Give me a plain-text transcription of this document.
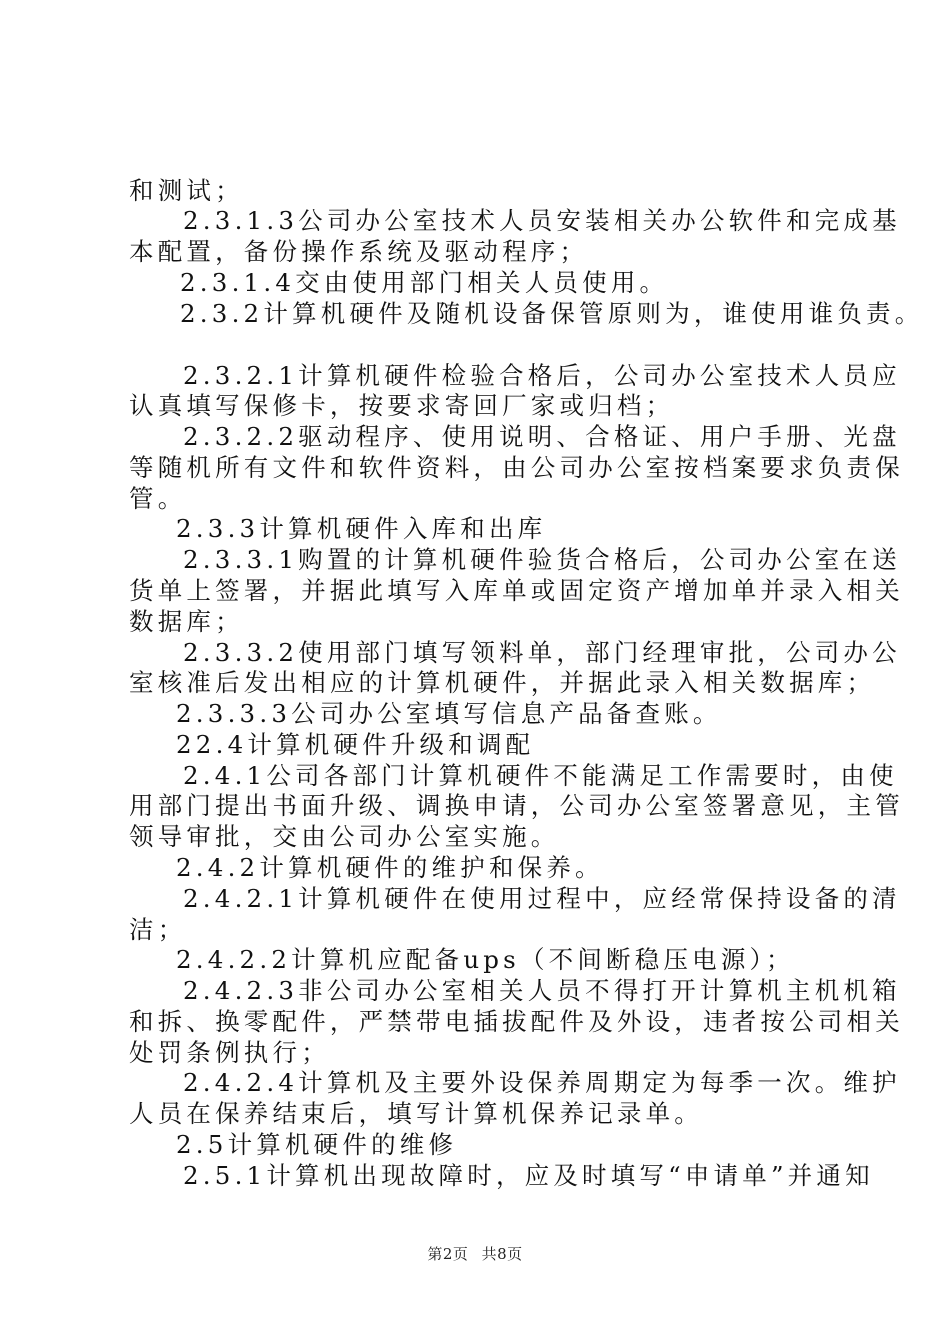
和测试；
2.3.1.3公司办公室技术人员安装相关办公软件和完成基
本配置，备份操作系统及驱动程序；
2.3.1.4交由使用部门相关人员使用。
2.3.2计算机硬件及随机设备保管原则为，谁使用谁负责。
2.3.2.1计算机硬件检验合格后，公司办公室技术人员应
认真填写保修卡，按要求寄回厂家或归档；
2.3.2.2驱动程序、使用说明、合格证、用户手册、光盘
等随机所有文件和软件资料，由公司办公室按档案要求负责保
管。
2.3.3计算机硬件入库和出库
2.3.3.1购置的计算机硬件验货合格后，公司办公室在送
货单上签署，并据此填写入库单或固定资产增加单并录入相关
数据库；
2.3.3.2使用部门填写领料单，部门经理审批，公司办公
室核准后发出相应的计算机硬件，并据此录入相关数据库；
2.3.3.3公司办公室填写信息产品备查账。
22.4计算机硬件升级和调配
2.4.1公司各部门计算机硬件不能满足工作需要时，由使
用部门提出书面升级、调换申请，公司办公室签署意见，主管
领导审批，交由公司办公室实施。
2.4.2计算机硬件的维护和保养。
2.4.2.1计算机硬件在使用过程中，应经常保持设备的清
洁；
2.4.2.2计算机应配备ups（不间断稳压电源）；
2.4.2.3非公司办公室相关人员不得打开计算机主机机箱
和拆、换零配件，严禁带电插拔配件及外设，违者按公司相关
处罚条例执行；
2.4.2.4计算机及主要外设保养周期定为每季一次。维护
人员在保养结束后，填写计算机保养记录单。
2.5计算机硬件的维修
2.5.1计算机出现故障时，应及时填写“申请单”并通知
第2页 共8页
